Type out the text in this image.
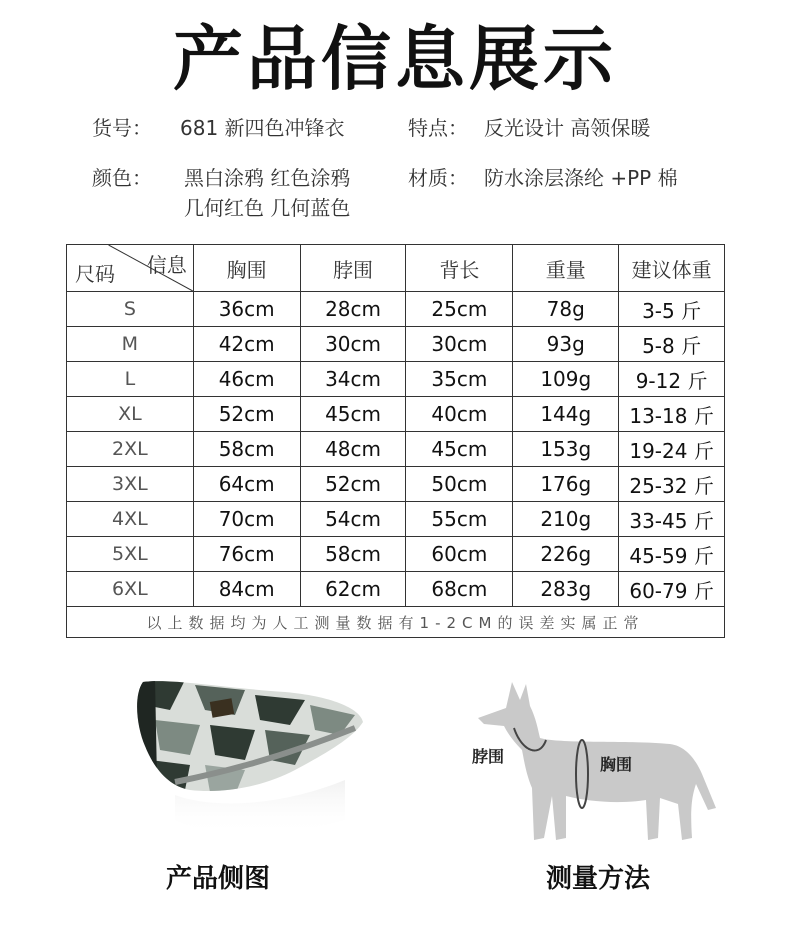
产品信息展示
货号： 681 新四色冲锋衣	特点： 反光设计 高领保暖
颜色： 黑白涂鸦 红色涂鸦
几何红色 几何蓝色
材质： 防水涂层涤纶 +PP 棉
信息
尺码	胸围	脖围	背长	重量	建议体重
S	36cm	28cm	25cm	78g	3-5 斤
M	42cm	30cm	30cm	93g	5-8 斤
L	46cm	34cm	35cm	109g	9-12 斤
XL	52cm	45cm	40cm	144g	13-18 斤
2XL	58cm	48cm	45cm	153g	19-24 斤
3XL	64cm	52cm	50cm	176g	25-32 斤
4XL	70cm	54cm	55cm	210g	33-45 斤
5XL	76cm	58cm	60cm	226g	45-59 斤
6XL	84cm	62cm	68cm	283g	60-79 斤
以上数据均为人工测量数据有1-2CM的误差实属正常					
脖围	胸围
产品侧图	测量方法
